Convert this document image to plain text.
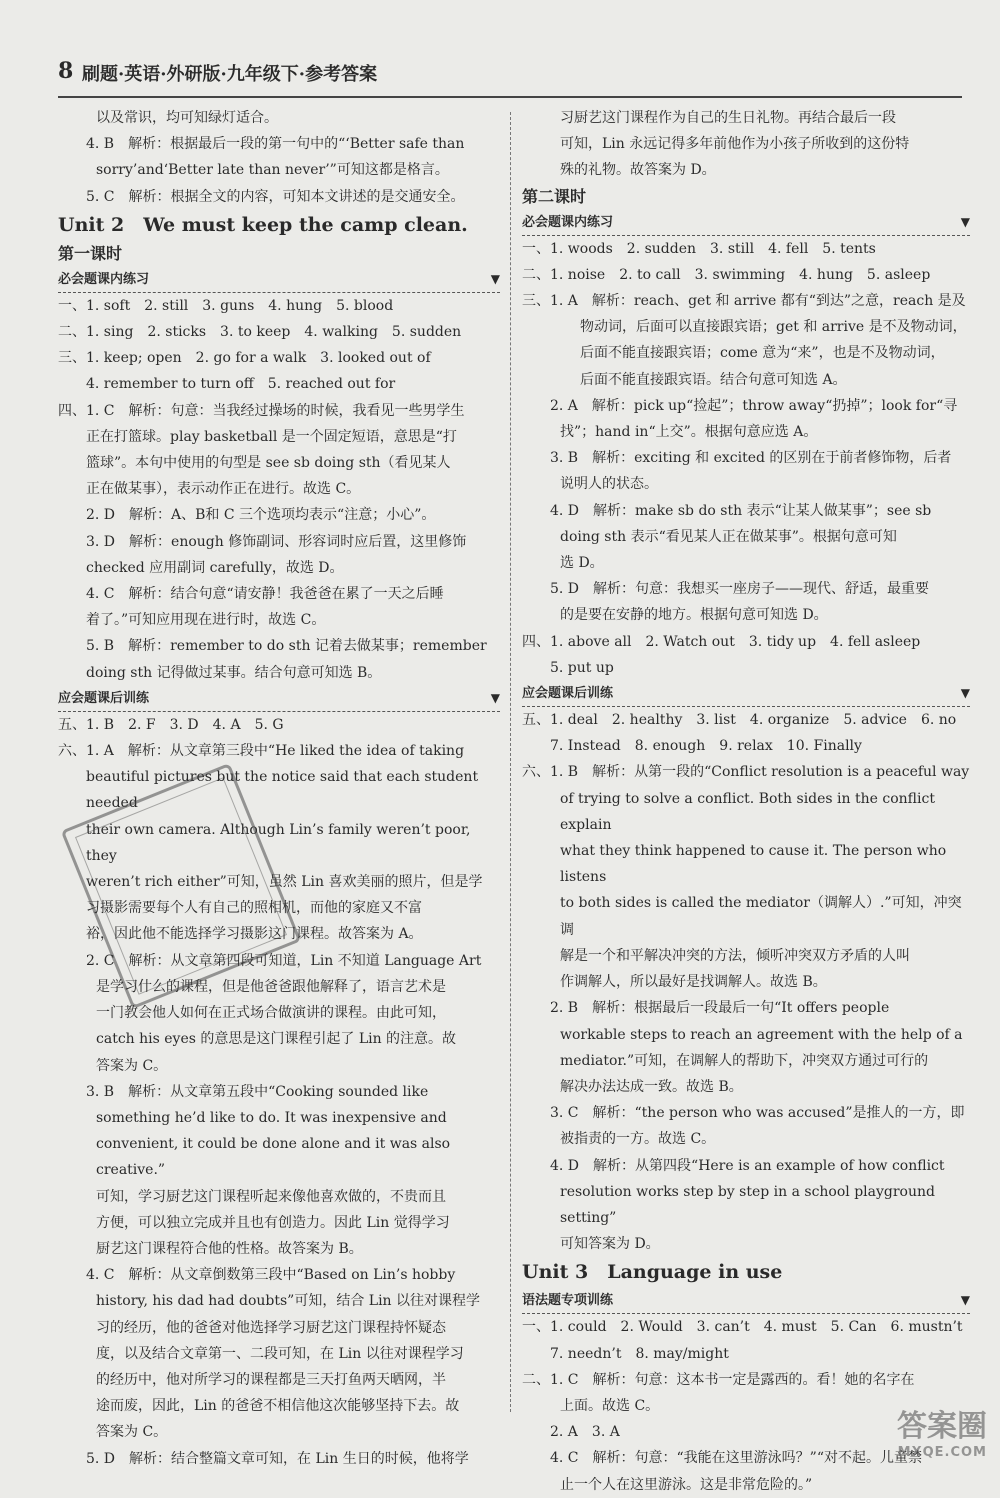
8 刷题·英语·外研版·九年级下·参考答案

以及常识，均可知绿灯适合。

4. B　解析：根据最后一段的第一句中的“‘Better safe than

sorry’and‘Better late than never’”可知这都是格言。

5. C　解析：根据全文的内容，可知本文讲述的是交通安全。

Unit 2　We must keep the camp clean.

第一课时

必会题课内练习	▼

一、1. soft　2. still　3. guns　4. hung　5. blood

二、1. sing　2. sticks　3. to keep　4. walking　5. sudden

三、1. keep; open　2. go for a walk　3. looked out of

4. remember to turn off　5. reached out for

四、1. C　解析：句意：当我经过操场的时候，我看见一些男学生

正在打篮球。play basketball 是一个固定短语，意思是“打

篮球”。本句中使用的句型是 see sb doing sth（看见某人

正在做某事），表示动作正在进行。故选 C。

2. D　解析：A、B和 C 三个选项均表示“注意；小心”。

3. D　解析：enough 修饰副词、形容词时应后置，这里修饰

checked 应用副词 carefully，故选 D。

4. C　解析：结合句意“请安静！我爸爸在累了一天之后睡

着了。”可知应用现在进行时，故选 C。

5. B　解析：remember to do sth 记着去做某事；remember

doing sth 记得做过某事。结合句意可知选 B。

应会题课后训练	▼

五、1. B　2. F　3. D　4. A　5. G

六、1. A　解析：从文章第三段中“He liked the idea of taking

beautiful pictures but the notice said that each student needed

their own camera. Although Lin’s family weren’t poor, they

weren’t rich either”可知，虽然 Lin 喜欢美丽的照片，但是学

习摄影需要每个人有自己的照相机，而他的家庭又不富

裕，因此他不能选择学习摄影这门课程。故答案为 A。

2. C　解析：从文章第四段可知道，Lin 不知道 Language Art

是学习什么的课程，但是他爸爸跟他解释了，语言艺术是

一门教会他人如何在正式场合做演讲的课程。由此可知，

catch his eyes 的意思是这门课程引起了 Lin 的注意。故

答案为 C。

3. B　解析：从文章第五段中“Cooking sounded like

something he’d like to do. It was inexpensive and

convenient, it could be done alone and it was also creative.”

可知，学习厨艺这门课程听起来像他喜欢做的，不贵而且

方便，可以独立完成并且也有创造力。因此 Lin 觉得学习

厨艺这门课程符合他的性格。故答案为 B。

4. C　解析：从文章倒数第三段中“Based on Lin’s hobby

history, his dad had doubts”可知，结合 Lin 以往对课程学

习的经历，他的爸爸对他选择学习厨艺这门课程持怀疑态

度，以及结合文章第一、二段可知，在 Lin 以往对课程学习

的经历中，他对所学习的课程都是三天打鱼两天晒网，半

途而废，因此，Lin 的爸爸不相信他这次能够坚持下去。故

答案为 C。

5. D　解析：结合整篇文章可知，在 Lin 生日的时候，他将学

习厨艺这门课程作为自己的生日礼物。再结合最后一段

可知，Lin 永远记得多年前他作为小孩子所收到的这份特

殊的礼物。故答案为 D。

第二课时

必会题课内练习	▼

一、1. woods　2. sudden　3. still　4. fell　5. tents

二、1. noise　2. to call　3. swimming　4. hung　5. asleep

三、1. A　解析：reach、get 和 arrive 都有“到达”之意，reach 是及

物动词，后面可以直接跟宾语；get 和 arrive 是不及物动词，

后面不能直接跟宾语；come 意为“来”，也是不及物动词，

后面不能直接跟宾语。结合句意可知选 A。

2. A　解析：pick up“捡起”；throw away“扔掉”；look for“寻

找”；hand in“上交”。根据句意应选 A。

3. B　解析：exciting 和 excited 的区别在于前者修饰物，后者

说明人的状态。

4. D　解析：make sb do sth 表示“让某人做某事”；see sb

doing sth 表示“看见某人正在做某事”。根据句意可知

选 D。

5. D　解析：句意：我想买一座房子——现代、舒适，最重要

的是要在安静的地方。根据句意可知选 D。

四、1. above all　2. Watch out　3. tidy up　4. fell asleep

5. put up

应会题课后训练	▼

五、1. deal　2. healthy　3. list　4. organize　5. advice　6. no

7. Instead　8. enough　9. relax　10. Finally

六、1. B　解析：从第一段的“Conflict resolution is a peaceful way

of trying to solve a conflict. Both sides in the conflict explain

what they think happened to cause it. The person who listens

to both sides is called the mediator（调解人）.”可知，冲突调

解是一个和平解决冲突的方法，倾听冲突双方矛盾的人叫

作调解人，所以最好是找调解人。故选 B。

2. B　解析：根据最后一段最后一句“It offers people

workable steps to reach an agreement with the help of a

mediator.”可知，在调解人的帮助下，冲突双方通过可行的

解决办法达成一致。故选 B。

3. C　解析：“the person who was accused”是推人的一方，即

被指责的一方。故选 C。

4. D　解析：从第四段“Here is an example of how conflict

resolution works step by step in a school playground setting”

可知答案为 D。

Unit 3　Language in use

语法题专项训练	▼

一、1. could　2. Would　3. can’t　4. must　5. Can　6. mustn’t

7. needn’t　8. may/might

二、1. C　解析：句意：这本书一定是露西的。看！她的名字在

上面。故选 C。

2. A　3. A

4. C　解析：句意：“我能在这里游泳吗？”“对不起。儿童禁

止一个人在这里游泳。这是非常危险的。”

答案圈
MXQE.COM
